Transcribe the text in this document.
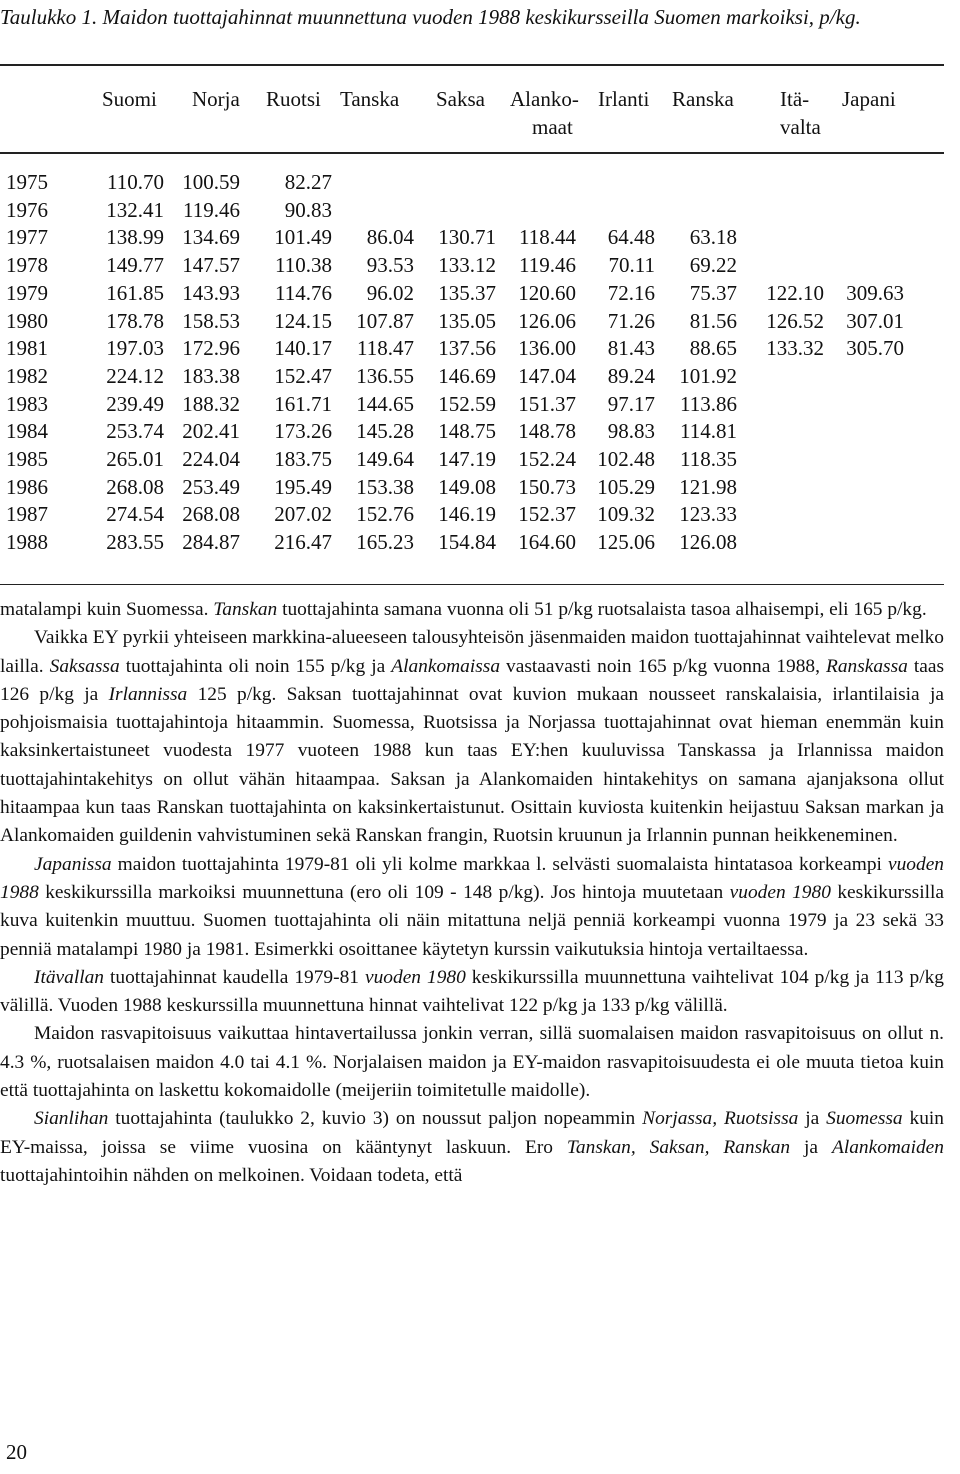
Taulukko 1. Maidon tuottajahinnat muunnettuna vuoden 1988 keskikursseilla Suomen markoiksi, p/kg.
Suomi Norja Ruotsi Tanska Saksa Alanko-
maat
Irlanti Ranska Itä-
valta
Japani
1975	110.70 100.59 82.27
1976	132.41 119.46 90.83
1977	138.99 134.69 101.49 86.04 130.71 118.44 64.48 63.18
1978	149.77 147.57 110.38 93.53 133.12 119.46 70.11 69.22
1979	161.85 143.93 114.76 96.02 135.37 120.60 72.16 75.37 122.10 309.63
1980	178.78 158.53 124.15 107.87 135.05 126.06 71.26 81.56 126.52 307.01
1981	197.03 172.96 140.17 118.47 137.56 136.00 81.43 88.65 133.32 305.70
1982	224.12 183.38 152.47 136.55 146.69 147.04 89.24 101.92
1983	239.49 188.32 161.71 144.65 152.59 151.37 97.17 113.86
1984	253.74 202.41 173.26 145.28 148.75 148.78 98.83 114.81
1985	265.01 224.04 183.75 149.64 147.19 152.24 102.48 118.35
1986	268.08 253.49 195.49 153.38 149.08 150.73 105.29 121.98
1987	274.54 268.08 207.02 152.76 146.19 152.37 109.32 123.33
1988	283.55 284.87 216.47 165.23 154.84 164.60 125.06 126.08

matalampi kuin Suomessa. Tanskan tuottajahinta samana vuonna oli 51 p/kg ruotsalaista tasoa alhaisempi, eli 165 p/kg.

Vaikka EY pyrkii yhteiseen markkina-alueeseen talousyhteisön jäsenmaiden maidon tuottajahinnat vaihtelevat melko lailla. Saksassa tuottajahinta oli noin 155 p/kg ja Alankomaissa vastaavasti noin 165 p/kg vuonna 1988, Ranskassa taas 126 p/kg ja Irlannissa 125 p/kg. Saksan tuottajahinnat ovat kuvion mukaan nousseet ranskalaisia, irlantilaisia ja pohjoismaisia tuottajahintoja hitaammin. Suomessa, Ruotsissa ja Norjassa tuottajahinnat ovat hieman enemmän kuin kaksinkertaistuneet vuodesta 1977 vuoteen 1988 kun taas EY:hen kuuluvissa Tanskassa ja Irlannissa maidon tuottajahintakehitys on ollut vähän hitaampaa. Saksan ja Alankomaiden hintakehitys on samana ajanjaksona ollut hitaampaa kun taas Ranskan tuottajahinta on kaksinkertaistunut. Osittain kuviosta kuitenkin heijastuu Saksan markan ja Alankomaiden guildenin vahvistuminen sekä Ranskan frangin, Ruotsin kruunun ja Irlannin punnan heikkeneminen.

Japanissa maidon tuottajahinta 1979-81 oli yli kolme markkaa l. selvästi suomalaista hintatasoa korkeampi vuoden 1988 keskikurssilla markoiksi muunnettuna (ero oli 109 - 148 p/kg). Jos hintoja muutetaan vuoden 1980 keskikurssilla kuva kuitenkin muuttuu. Suomen tuottajahinta oli näin mitattuna neljä penniä korkeampi vuonna 1979 ja 23 sekä 33 penniä matalampi 1980 ja 1981. Esimerkki osoittanee käytetyn kurssin vaikutuksia hintoja vertailtaessa.

Itävallan tuottajahinnat kaudella 1979-81 vuoden 1980 keskikurssilla muunnettuna vaihtelivat 104 p/kg ja 113 p/kg välillä. Vuoden 1988 keskurssilla muunnettuna hinnat vaihtelivat 122 p/kg ja 133 p/kg välillä.

Maidon rasvapitoisuus vaikuttaa hintavertailussa jonkin verran, sillä suomalaisen maidon rasvapitoisuus on ollut n. 4.3 %, ruotsalaisen maidon 4.0 tai 4.1 %. Norjalaisen maidon ja EY-maidon rasvapitoisuudesta ei ole muuta tietoa kuin että tuottajahinta on laskettu kokomaidolle (meijeriin toimitetulle maidolle).

Sianlihan tuottajahinta (taulukko 2, kuvio 3) on noussut paljon nopeammin Norjassa, Ruotsissa ja Suomessa kuin EY-maissa, joissa se viime vuosina on kääntynyt laskuun. Ero Tanskan, Saksan, Ranskan ja Alankomaiden tuottajahintoihin nähden on melkoinen. Voidaan todeta, että

20
